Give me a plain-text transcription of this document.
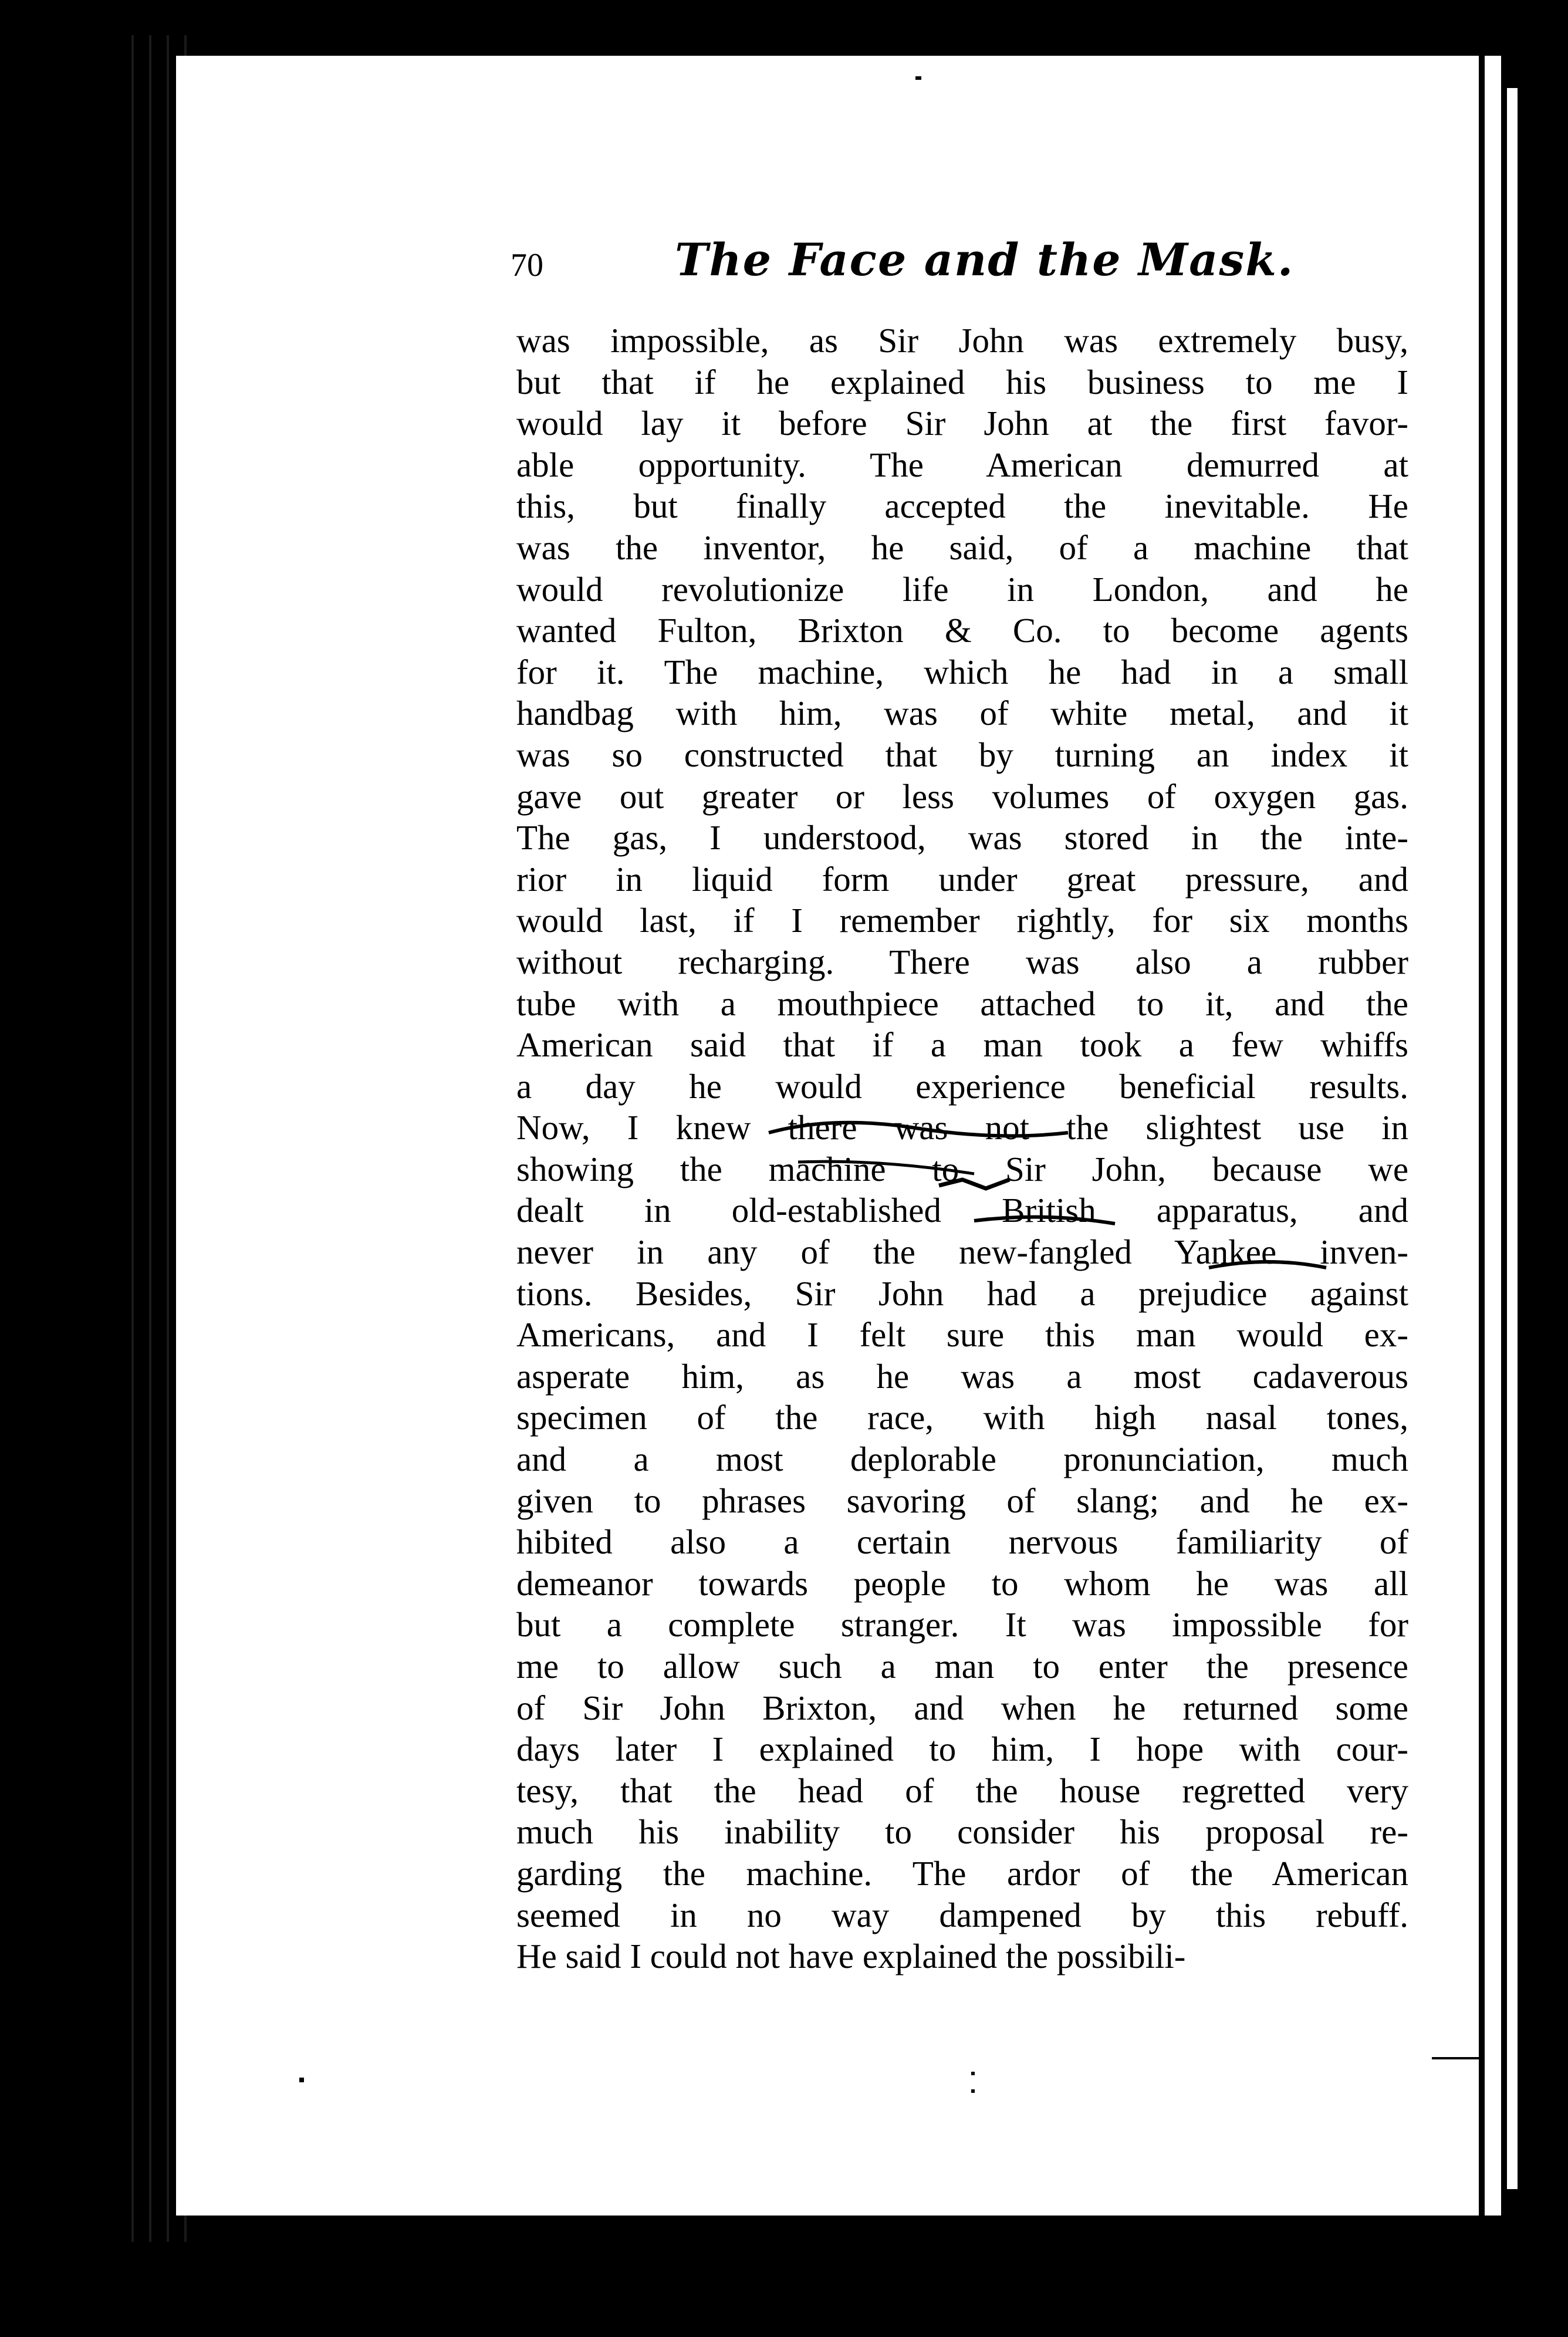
70	The Face and the Mask.
was impossible, as Sir John was extremely busy,
but that if he explained his business to me I
would lay it before Sir John at the first favor-
able opportunity. The American demurred at
this, but finally accepted the inevitable. He
was the inventor, he said, of a machine that
would revolutionize life in London, and he
wanted Fulton, Brixton & Co. to become agents
for it. The machine, which he had in a small
handbag with him, was of white metal, and it
was so constructed that by turning an index it
gave out greater or less volumes of oxygen gas.
The gas, I understood, was stored in the inte-
rior in liquid form under great pressure, and
would last, if I remember rightly, for six months
without recharging. There was also a rubber
tube with a mouthpiece attached to it, and the
American said that if a man took a few whiffs
a day he would experience beneficial results.
Now, I knew there was not the slightest use in
showing the machine to Sir John, because we
dealt in old-established British apparatus, and
never in any of the new-fangled Yankee inven-
tions. Besides, Sir John had a prejudice against
Americans, and I felt sure this man would ex-
asperate him, as he was a most cadaverous
specimen of the race, with high nasal tones,
and a most deplorable pronunciation, much
given to phrases savoring of slang; and he ex-
hibited also a certain nervous familiarity of
demeanor towards people to whom he was all
but a complete stranger. It was impossible for
me to allow such a man to enter the presence
of Sir John Brixton, and when he returned some
days later I explained to him, I hope with cour-
tesy, that the head of the house regretted very
much his inability to consider his proposal re-
garding the machine. The ardor of the American
seemed in no way dampened by this rebuff.
He said I could not have explained the possibili-
